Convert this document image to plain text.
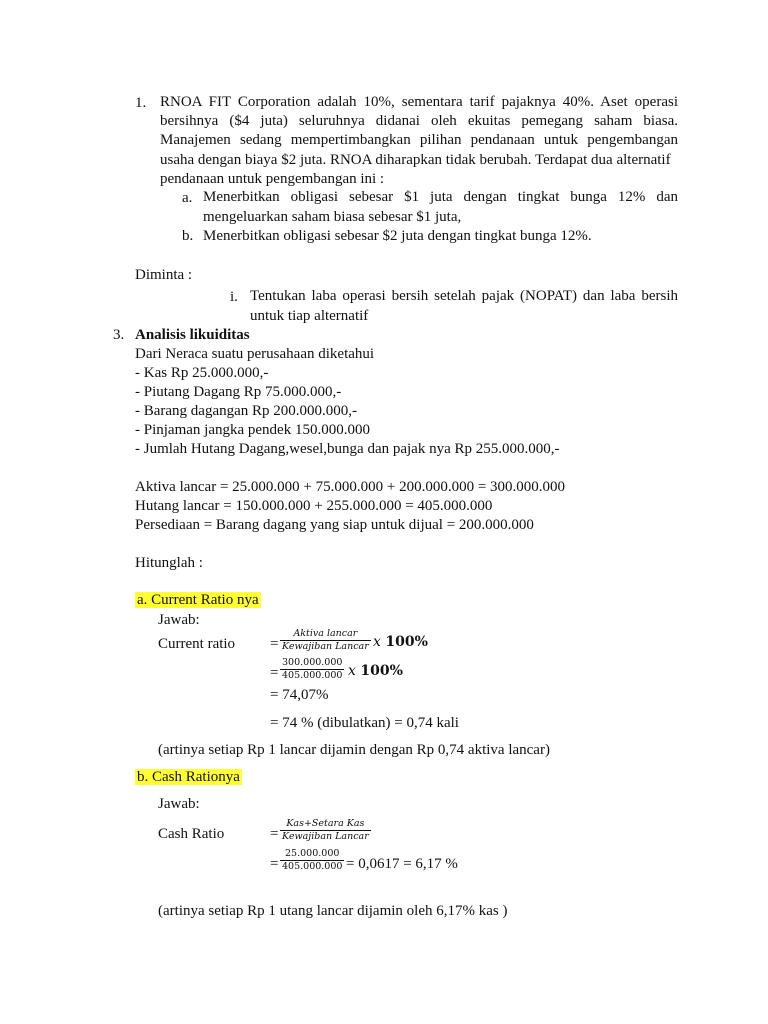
1. RNOA FIT Corporation adalah 10%, sementara tarif pajaknya 40%. Aset operasi
bersihnya ($4 juta) seluruhnya didanai oleh ekuitas pemegang saham biasa.
Manajemen sedang mempertimbangkan pilihan pendanaan untuk pengembangan
usaha dengan biaya $2 juta. RNOA diharapkan tidak berubah. Terdapat dua alternatif
pendanaan untuk pengembangan ini :
a. Menerbitkan obligasi sebesar $1 juta dengan tingkat bunga 12% dan
mengeluarkan saham biasa sebesar $1 juta,
b. Menerbitkan obligasi sebesar $2 juta dengan tingkat bunga 12%.
Diminta :
i. Tentukan laba operasi bersih setelah pajak (NOPAT) dan laba bersih
untuk tiap alternatif
3. Analisis likuiditas
Dari Neraca suatu perusahaan diketahui
- Kas Rp 25.000.000,-
- Piutang Dagang Rp 75.000.000,-
- Barang dagangan Rp 200.000.000,-
- Pinjaman jangka pendek 150.000.000
- Jumlah Hutang Dagang,wesel,bunga dan pajak nya Rp 255.000.000,-
Aktiva lancar = 25.000.000 + 75.000.000 + 200.000.000 = 300.000.000
Hutang lancar = 150.000.000 + 255.000.000 = 405.000.000
Persediaan = Barang dagang yang siap untuk dijual = 200.000.000
Hitunglah :
a. Current Ratio nya
Jawab:
Current ratio =
Aktiva lancar
Kewajiban Lancar x 100%
= $\frac{300.000.000}{405.000.000}$ x 100%
= 74,07%
= 74 % (dibulatkan) = 0,74 kali
(artinya setiap Rp 1 lancar dijamin dengan Rp 0,74 aktiva lancar)
b. Cash Rationya
Jawab:
Cash Ratio	=
Kas+Setara Kas
Kewajiban Lancar
= $\frac{25.000.000}{405.000.000} = 0,0617 = 6,17$ %
(artinya setiap Rp 1 utang lancar dijamin oleh 6,17% kas )
